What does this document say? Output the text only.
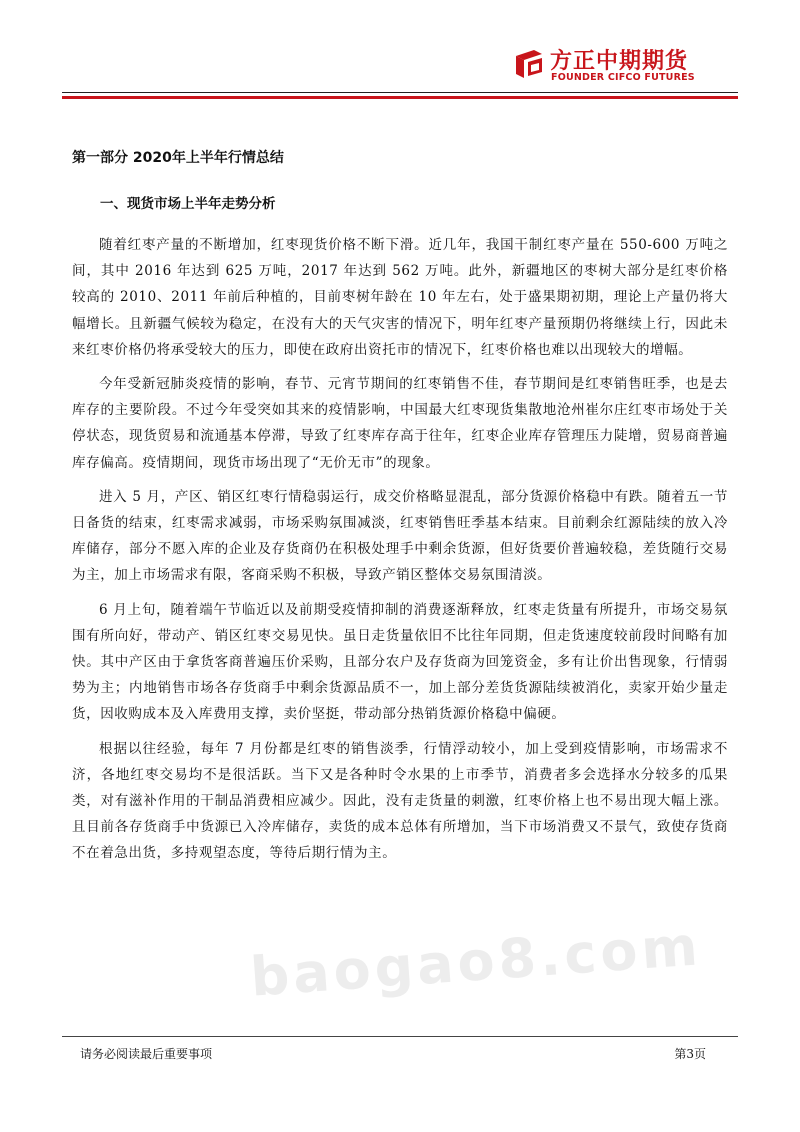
方正中期期货
FOUNDER CIFCO FUTURES
第一部分 2020年上半年行情总结
一、现货市场上半年走势分析

随着红枣产量的不断增加，红枣现货价格不断下滑。近几年，我国干制红枣产量在 550-600 万吨之间，其中 2016 年达到 625 万吨，2017 年达到 562 万吨。此外，新疆地区的枣树大部分是红枣价格较高的 2010、2011 年前后种植的，目前枣树年龄在 10 年左右，处于盛果期初期，理论上产量仍将大幅增长。且新疆气候较为稳定，在没有大的天气灾害的情况下，明年红枣产量预期仍将继续上行，因此未来红枣价格仍将承受较大的压力，即使在政府出资托市的情况下，红枣价格也难以出现较大的增幅。

今年受新冠肺炎疫情的影响，春节、元宵节期间的红枣销售不佳，春节期间是红枣销售旺季，也是去库存的主要阶段。不过今年受突如其来的疫情影响，中国最大红枣现货集散地沧州崔尔庄红枣市场处于关停状态，现货贸易和流通基本停滞，导致了红枣库存高于往年，红枣企业库存管理压力陡增，贸易商普遍库存偏高。疫情期间，现货市场出现了“无价无市”的现象。

进入 5 月，产区、销区红枣行情稳弱运行，成交价格略显混乱，部分货源价格稳中有跌。随着五一节日备货的结束，红枣需求减弱，市场采购氛围减淡，红枣销售旺季基本结束。目前剩余红源陆续的放入冷库储存，部分不愿入库的企业及存货商仍在积极处理手中剩余货源，但好货要价普遍较稳，差货随行交易为主，加上市场需求有限，客商采购不积极，导致产销区整体交易氛围清淡。

6 月上旬，随着端午节临近以及前期受疫情抑制的消费逐渐释放，红枣走货量有所提升，市场交易氛围有所向好，带动产、销区红枣交易见快。虽日走货量依旧不比往年同期，但走货速度较前段时间略有加快。其中产区由于拿货客商普遍压价采购，且部分农户及存货商为回笼资金，多有让价出售现象，行情弱势为主；内地销售市场各存货商手中剩余货源品质不一，加上部分差货货源陆续被消化，卖家开始少量走货，因收购成本及入库费用支撑，卖价坚挺，带动部分热销货源价格稳中偏硬。

根据以往经验，每年 7 月份都是红枣的销售淡季，行情浮动较小，加上受到疫情影响，市场需求不济，各地红枣交易均不是很活跃。当下又是各种时令水果的上市季节，消费者多会选择水分较多的瓜果类，对有滋补作用的干制品消费相应减少。因此，没有走货量的刺激，红枣价格上也不易出现大幅上涨。且目前各存货商手中货源已入冷库储存，卖货的成本总体有所增加，当下市场消费又不景气，致使存货商不在着急出货，多持观望态度，等待后期行情为主。

baogao8.com
请务必阅读最后重要事项	第3页
